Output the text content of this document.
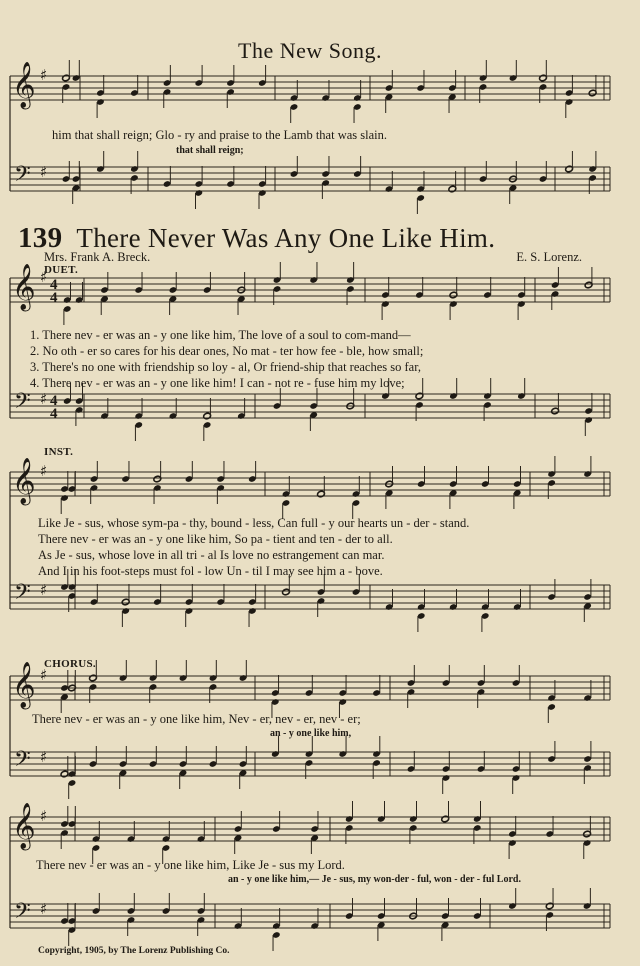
𝄞 ♯
𝄢 ♯
𝄞 ♯ 4
4
𝄢 ♯ 4
4
𝄞 ♯
𝄢 ♯
𝄞 ♯
𝄢 ♯
𝄞 ♯
𝄢 ♯
The New Song.
him that shall reign; Glo - ry and praise to the Lamb that was slain.
that shall reign;
139 There Never Was Any One Like Him.
Mrs. Frank A. Breck.	E. S. Lorenz.
DUET.
INST.
CHORUS.
1. There nev - er was an - y one like him, The love of a soul to com-mand—
2. No oth - er so cares for his dear ones, No mat - ter how fee - ble, how small;
3. There's no one with friendship so loy - al, Or friend-ship that reaches so far,
4. There nev - er was an - y one like him! I can - not re - fuse him my love;
Like Je - sus, whose sym-pa - thy, bound - less, Can full - y our hearts un - der - stand.
There nev - er was an - y one like him, So pa - tient and ten - der to all.
As Je - sus, whose love in all tri - al Is love no estrangement can mar.
And I in his foot-steps must fol - low Un - til I may see him a - bove.
There nev - er was an - y one like him, Nev - er, nev - er, nev - er;
an - y one like him,
There nev - er was an - y one like him, Like Je - sus my Lord.
an - y one like him,— Je - sus, my won-der - ful, won - der - ful Lord.
Copyright, 1905, by The Lorenz Publishing Co.
